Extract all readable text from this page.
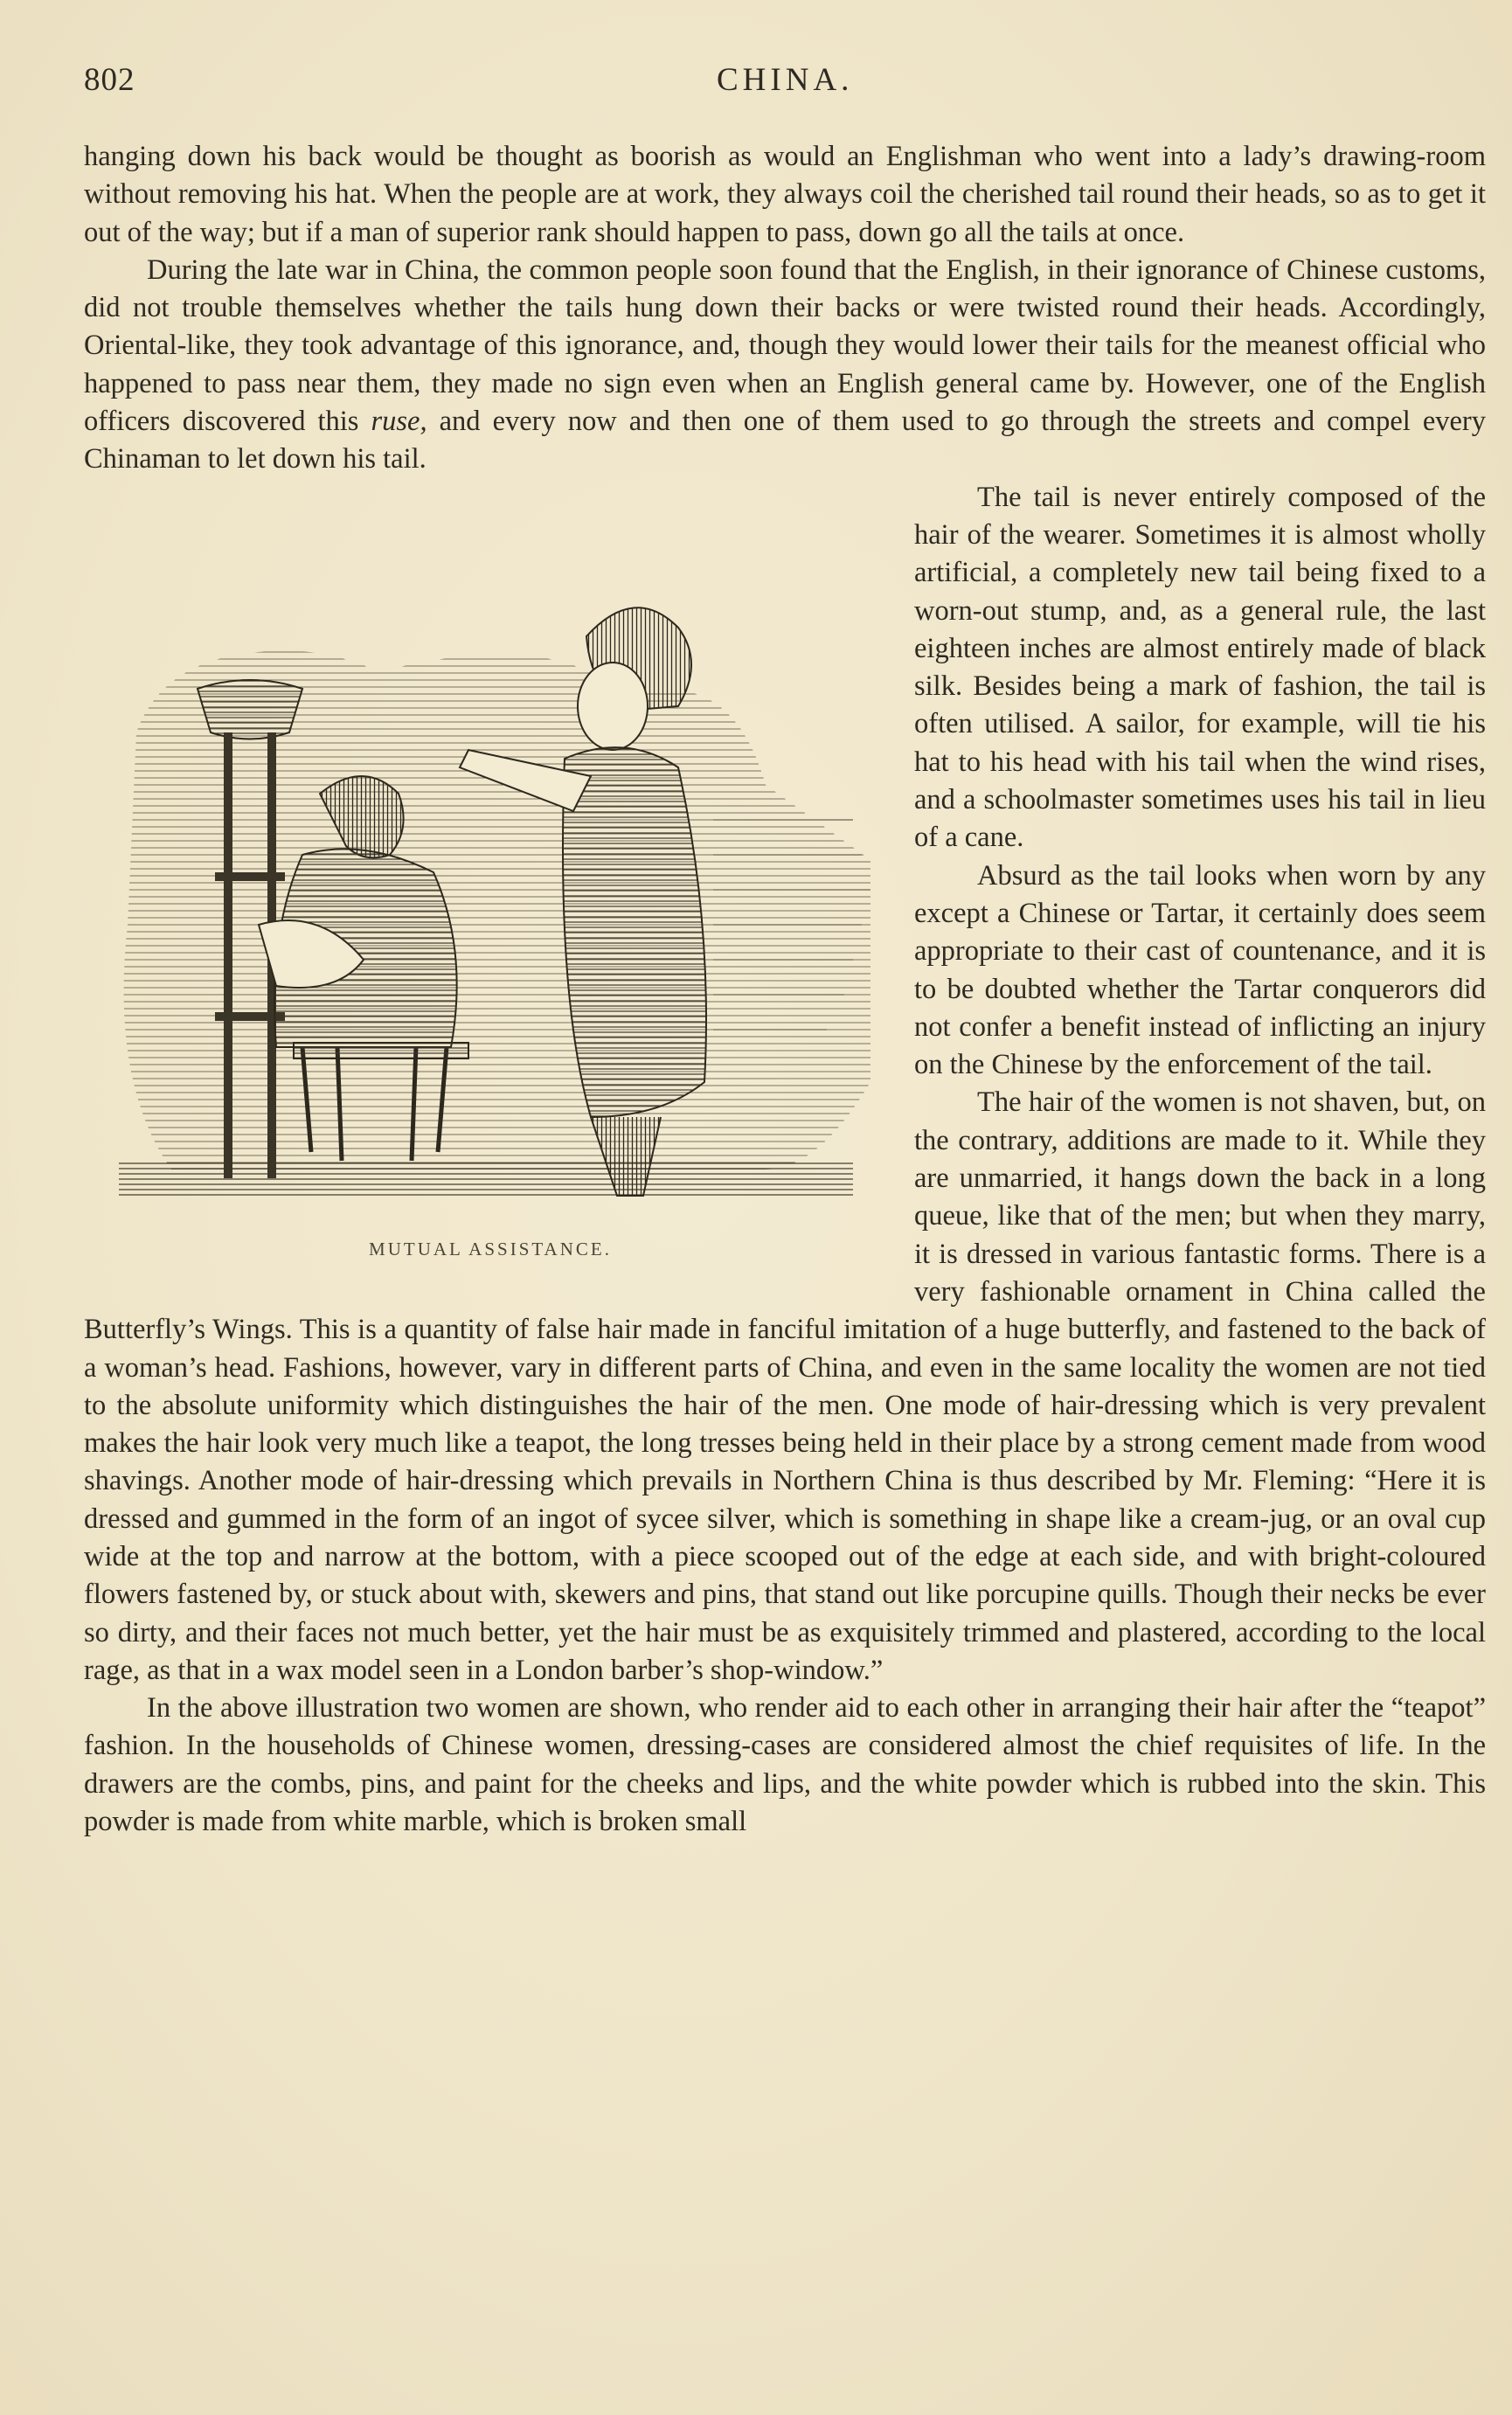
802	CHINA.

hanging down his back would be thought as boorish as would an Englishman who went into a lady’s drawing-room without removing his hat. When the people are at work, they always coil the cherished tail round their heads, so as to get it out of the way; but if a man of superior rank should happen to pass, down go all the tails at once.

During the late war in China, the common people soon found that the English, in their ignorance of Chinese customs, did not trouble themselves whether the tails hung down their backs or were twisted round their heads. Accordingly, Oriental-like, they took advantage of this ignorance, and, though they would lower their tails for the meanest official who happened to pass near them, they made no sign even when an English general came by. However, one of the English officers discovered this ruse, and every now and then one of them used to go through the streets and compel every Chinaman to let down his tail.

MUTUAL ASSISTANCE.

The tail is never entirely composed of the hair of the wearer. Sometimes it is almost wholly artificial, a completely new tail being fixed to a worn-out stump, and, as a general rule, the last eighteen inches are almost entirely made of black silk. Besides being a mark of fashion, the tail is often utilised. A sailor, for example, will tie his hat to his head with his tail when the wind rises, and a schoolmaster sometimes uses his tail in lieu of a cane.

Absurd as the tail looks when worn by any except a Chinese or Tartar, it certainly does seem appropriate to their cast of countenance, and it is to be doubted whether the Tartar conquerors did not confer a benefit instead of inflicting an injury on the Chinese by the enforcement of the tail.

The hair of the women is not shaven, but, on the contrary, additions are made to it. While they are unmarried, it hangs down the back in a long queue, like that of the men; but when they marry, it is dressed in various fantastic forms. There is a very fashionable ornament in China called the Butterfly’s Wings. This is a quantity of false hair made in fanciful imitation of a huge butterfly, and fastened to the back of a woman’s head. Fashions, however, vary in different parts of China, and even in the same locality the women are not tied to the absolute uniformity which distinguishes the hair of the men. One mode of hair-dressing which is very prevalent makes the hair look very much like a teapot, the long tresses being held in their place by a strong cement made from wood shavings. Another mode of hair-dressing which prevails in Northern China is thus described by Mr. Fleming: “Here it is dressed and gummed in the form of an ingot of sycee silver, which is something in shape like a cream-jug, or an oval cup wide at the top and narrow at the bottom, with a piece scooped out of the edge at each side, and with bright-coloured flowers fastened by, or stuck about with, skewers and pins, that stand out like porcupine quills. Though their necks be ever so dirty, and their faces not much better, yet the hair must be as exquisitely trimmed and plastered, according to the local rage, as that in a wax model seen in a London barber’s shop-window.”

In the above illustration two women are shown, who render aid to each other in arranging their hair after the “teapot” fashion. In the households of Chinese women, dressing-cases are considered almost the chief requisites of life. In the drawers are the combs, pins, and paint for the cheeks and lips, and the white powder which is rubbed into the skin. This powder is made from white marble, which is broken small
